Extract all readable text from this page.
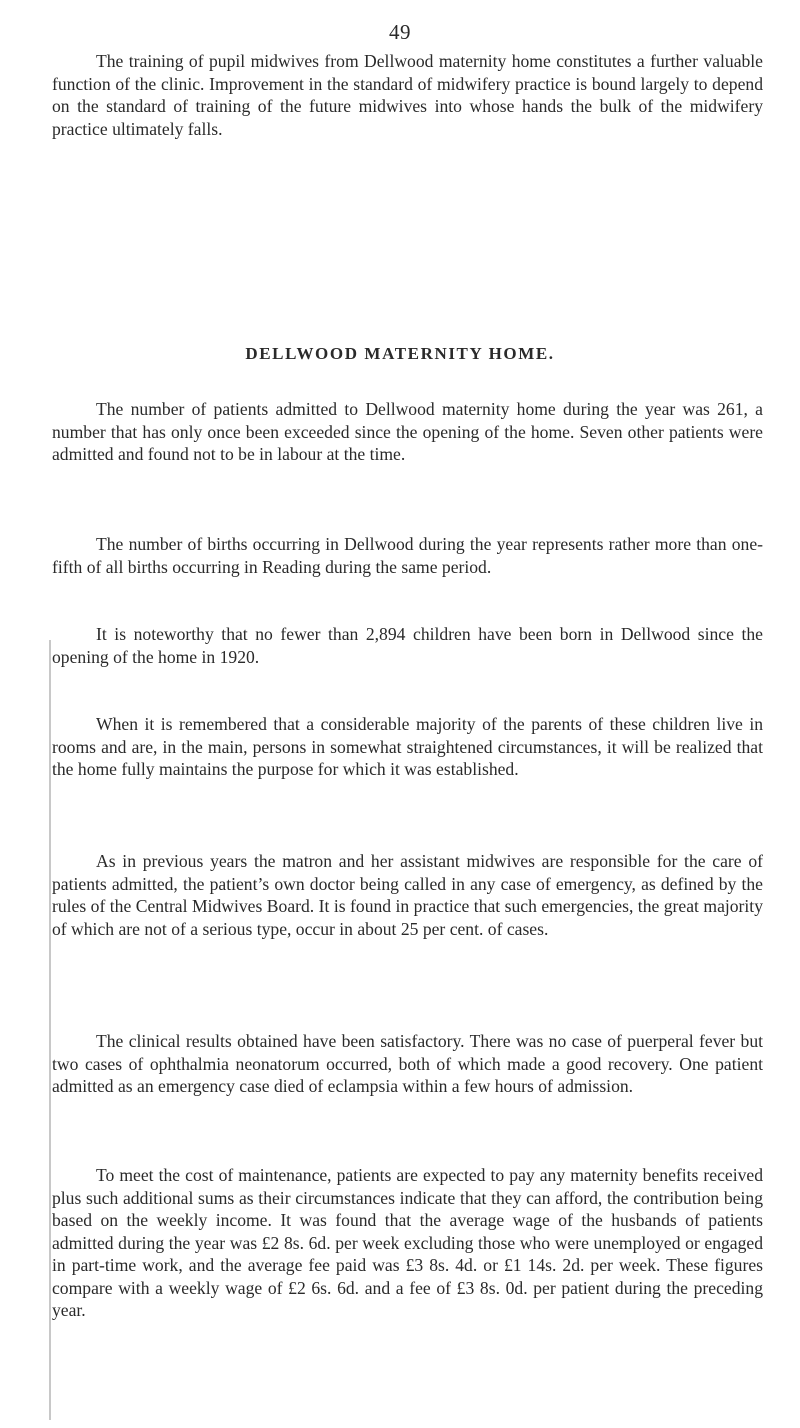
49

The training of pupil midwives from Dellwood maternity home constitutes a further valuable function of the clinic. Improvement in the standard of midwifery practice is bound largely to depend on the standard of training of the future midwives into whose hands the bulk of the midwifery practice ultimately falls.

DELLWOOD MATERNITY HOME.

The number of patients admitted to Dellwood maternity home during the year was 261, a number that has only once been exceeded since the opening of the home. Seven other patients were admitted and found not to be in labour at the time.

The number of births occurring in Dellwood during the year represents rather more than one-fifth of all births occurring in Reading during the same period.

It is noteworthy that no fewer than 2,894 children have been born in Dellwood since the opening of the home in 1920.

When it is remembered that a considerable majority of the parents of these children live in rooms and are, in the main, persons in somewhat straightened circumstances, it will be realized that the home fully maintains the purpose for which it was established.

As in previous years the matron and her assistant midwives are responsible for the care of patients admitted, the patient’s own doctor being called in any case of emergency, as defined by the rules of the Central Midwives Board. It is found in practice that such emergencies, the great majority of which are not of a serious type, occur in about 25 per cent. of cases.

The clinical results obtained have been satisfactory. There was no case of puerperal fever but two cases of ophthalmia neonatorum occurred, both of which made a good recovery. One patient admitted as an emergency case died of eclampsia within a few hours of admission.

To meet the cost of maintenance, patients are expected to pay any maternity benefits received plus such additional sums as their circumstances indicate that they can afford, the contribution being based on the weekly income. It was found that the average wage of the husbands of patients admitted during the year was £2 8s. 6d. per week excluding those who were unemployed or engaged in part-time work, and the average fee paid was £3 8s. 4d. or £1 14s. 2d. per week. These figures compare with a weekly wage of £2 6s. 6d. and a fee of £3 8s. 0d. per patient during the preceding year.
